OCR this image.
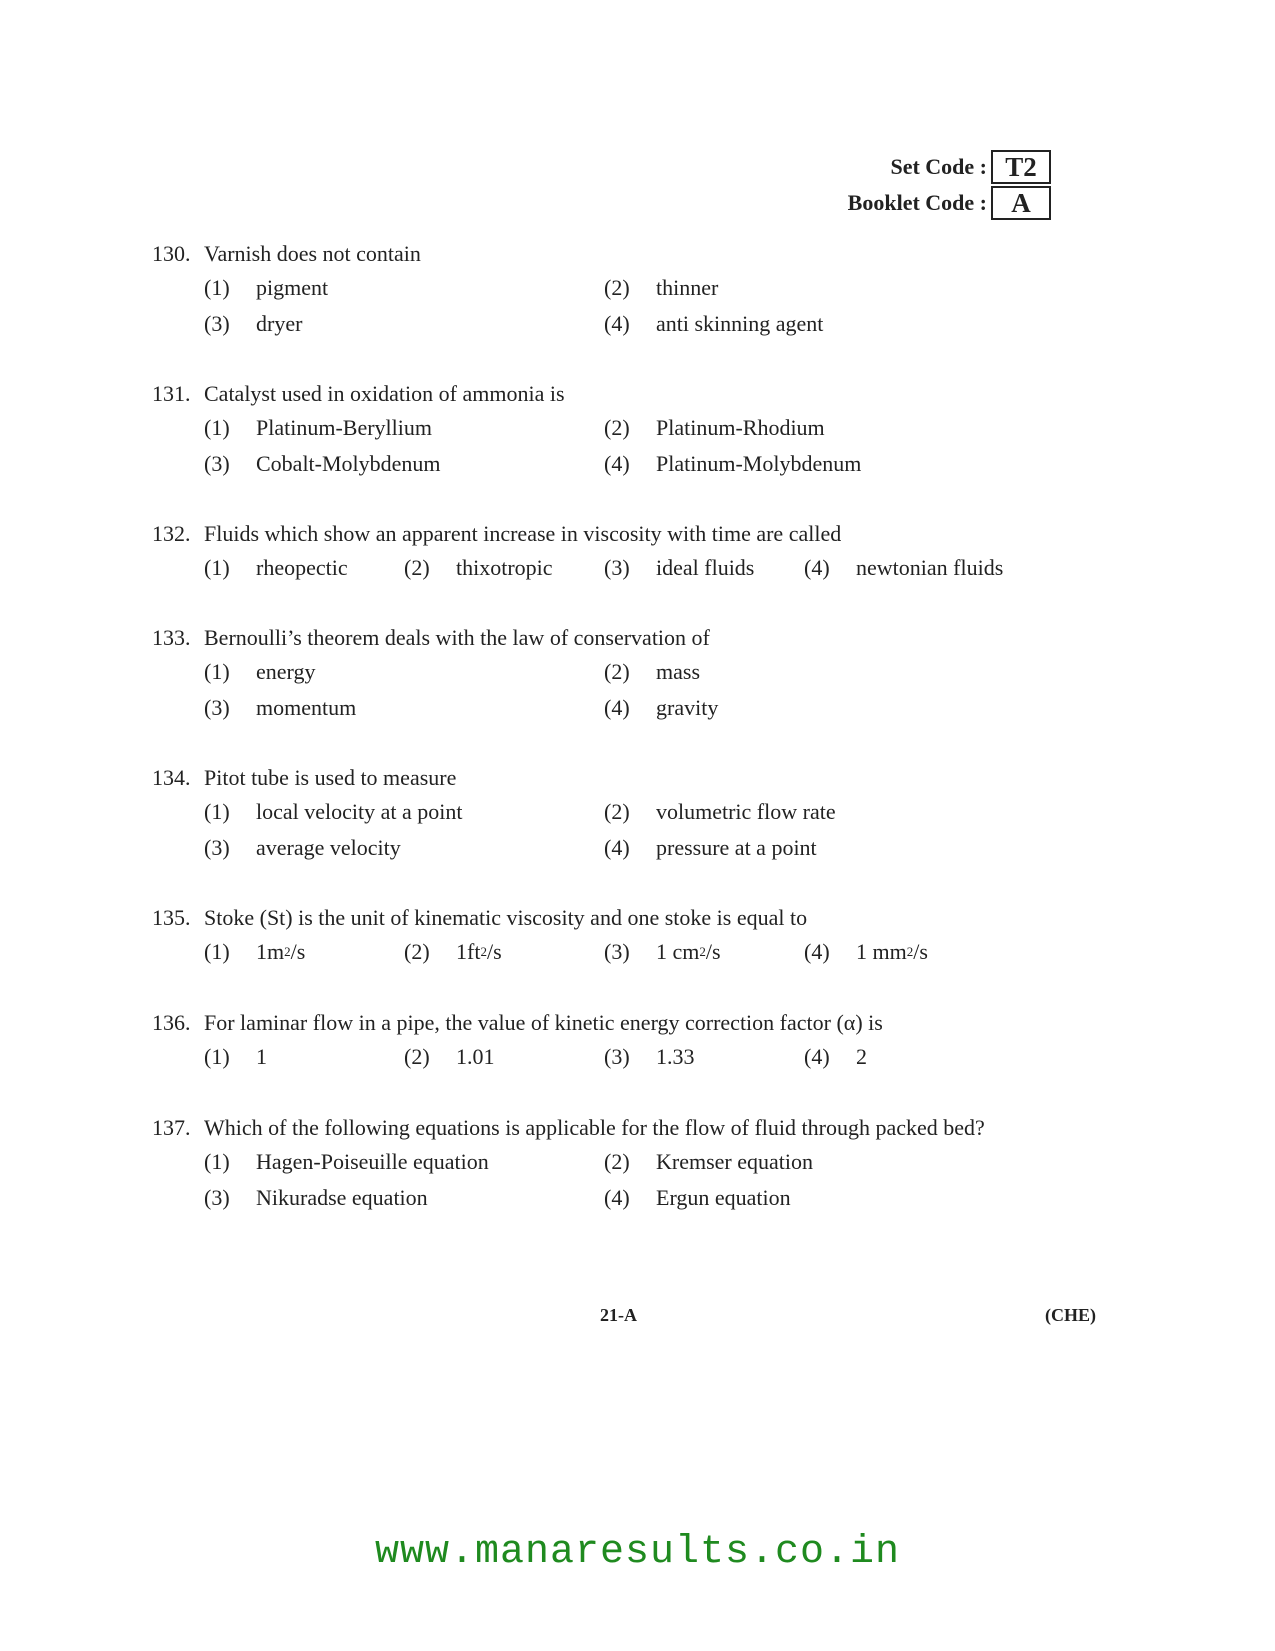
Set Code : T2
Booklet Code : A
130. Varnish does not contain
(1)	pigment	(2)	thinner
(3)	dryer	(4)	anti skinning agent
131. Catalyst used in oxidation of ammonia is
(1)	Platinum-Beryllium	(2)	Platinum-Rhodium
(3)	Cobalt-Molybdenum	(4)	Platinum-Molybdenum
132. Fluids which show an apparent increase in viscosity with time are called
(1)	rheopectic	(2)	thixotropic (3)	ideal fluids (4)	newtonian fluids
133. Bernoulli’s theorem deals with the law of conservation of
(1)	energy	(2)	mass
(3)	momentum	(4)	gravity
134. Pitot tube is used to measure
(1)	local velocity at a point	(2)	volumetric flow rate
(3)	average velocity	(4)	pressure at a point
135. Stoke (St) is the unit of kinematic viscosity and one stoke is equal to
(1)	1m 2 /s	(2)	1ft 2 /s	(3)	1 cm 2 /s	(4)	1 mm 2 /s
136. For laminar flow in a pipe, the value of kinetic energy correction factor (α) is
(1)	1	(2)	1.01	(3)	1.33	(4)	2
137. Which of the following equations is applicable for the flow of fluid through packed bed?
(1)	Hagen-Poiseuille equation	(2)	Kremser equation
(3)	Nikuradse equation	(4)	Ergun equation
21-A	(CHE)
www.manaresults.co.in
